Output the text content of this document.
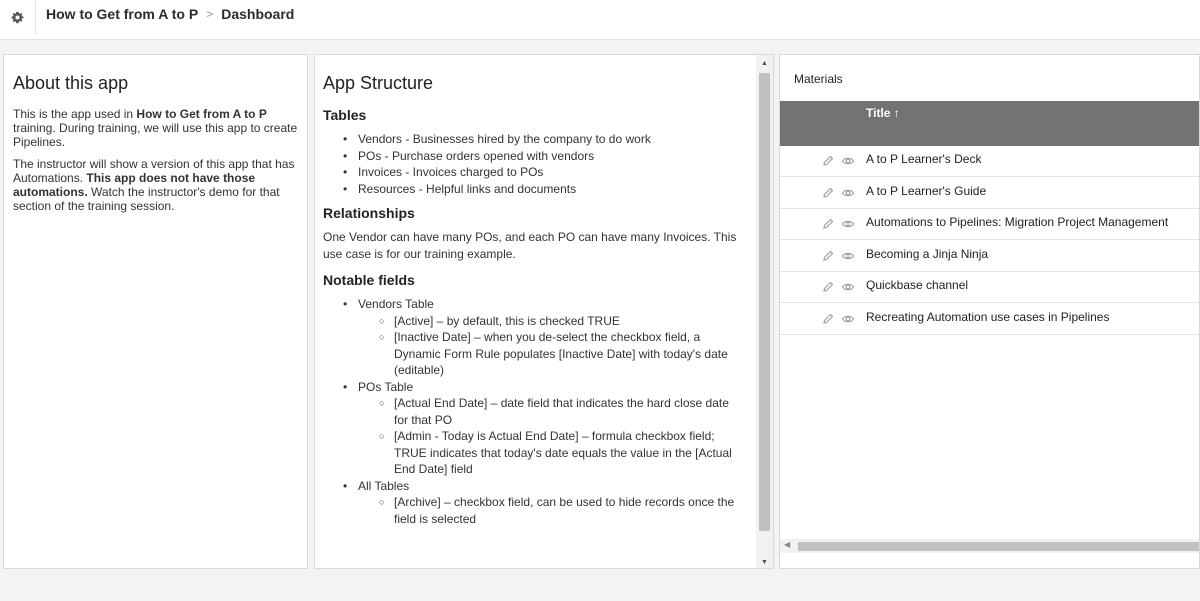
How to Get from A to P > Dashboard
About this app

This is the app used in How to Get from A to P training. During training, we will use this app to create Pipelines.

The instructor will show a version of this app that has Automations. This app does not have those automations. Watch the instructor's demo for that section of the training session.

App Structure
Tables
• Vendors - Businesses hired by the company to do work
• POs - Purchase orders opened with vendors
• Invoices - Invoices charged to POs
• Resources - Helpful links and documents
Relationships
One Vendor can have many POs, and each PO can have many Invoices. This use case is for our training example.
Notable fields
• Vendors Table
○ [Active] – by default, this is checked TRUE
○ [Inactive Date] – when you de-select the checkbox field, a Dynamic Form Rule populates [Inactive Date] with today's date (editable)
• POs Table
○ [Actual End Date] – date field that indicates the hard close date for that PO
○ [Admin - Today is Actual End Date] – formula checkbox field; TRUE indicates that today's date equals the value in the [Actual End Date] field
• All Tables
○ [Archive] – checkbox field, can be used to hide records once the field is selected
▲
▼
Materials
Title ↑
A to P Learner's Deck
A to P Learner's Guide
Automations to Pipelines: Migration Project Management
Becoming a Jinja Ninja
Quickbase channel
Recreating Automation use cases in Pipelines
◀
